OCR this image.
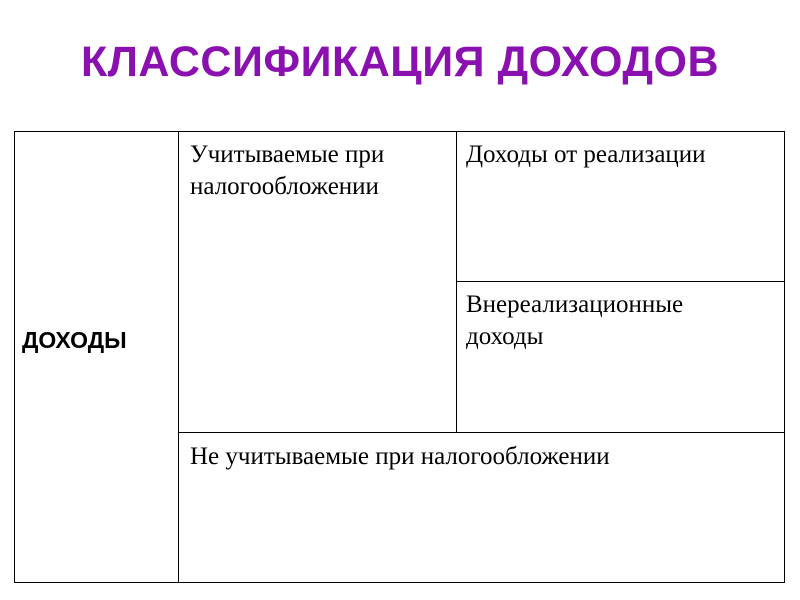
КЛАССИФИКАЦИЯ ДОХОДОВ
ДОХОДЫ
Учитываемые при налогообложении
Доходы от реализации
Внереализационные доходы
Не учитываемые при налогообложении
